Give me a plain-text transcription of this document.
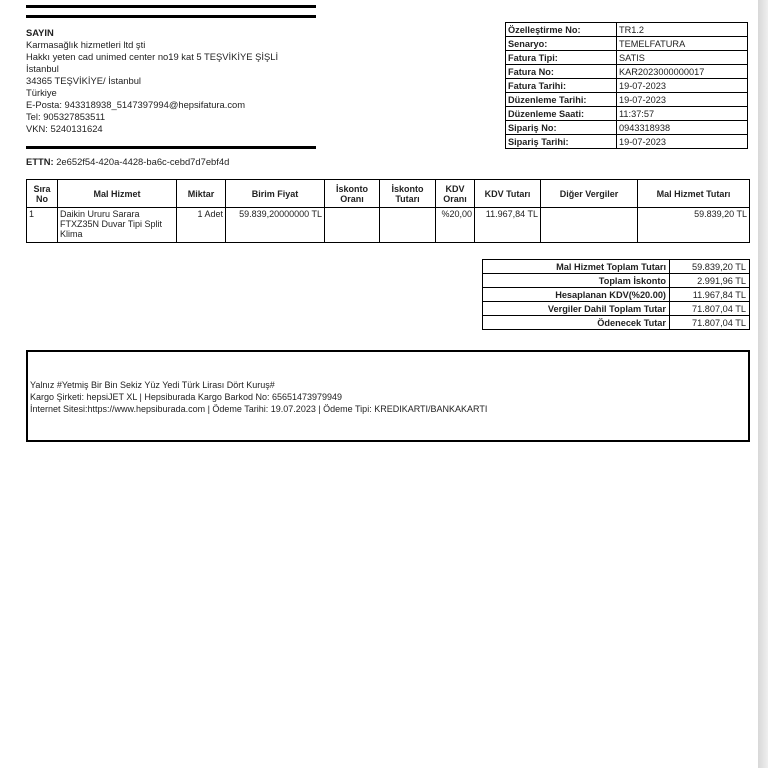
SAYIN
Karmasağlık hizmetleri ltd şti
Hakkı yeten cad unimed center no19 kat 5 TEŞVİKİYE ŞİŞLİ
İstanbul
34365 TEŞVİKİYE/ İstanbul
Türkiye
E-Posta: 943318938_5147397994@hepsifatura.com
Tel: 905327853511
VKN: 5240131624
ETTN: 2e652f54-420a-4428-ba6c-cebd7d7ebf4d
Özelleştirme No:	TR1.2
Senaryo:	TEMELFATURA
Fatura Tipi:	SATIS
Fatura No:	KAR2023000000017
Fatura Tarihi:	19-07-2023
Düzenleme Tarihi:	19-07-2023
Düzenleme Saati:	11:37:57
Sipariş No:	0943318938
Sipariş Tarihi:	19-07-2023
Sıra No	Mal Hizmet	Miktar	Birim Fiyat	İskonto Oranı	İskonto Tutarı	KDV Oranı	KDV Tutarı	Diğer Vergiler	Mal Hizmet Tutarı
1	Daikin Ururu Sarara FTXZ35N Duvar Tipi Split Klima	1 Adet	59.839,20000000 TL			%20,00	11.967,84 TL		59.839,20 TL
Mal Hizmet Toplam Tutarı	59.839,20 TL
Toplam İskonto	2.991,96 TL
Hesaplanan KDV(%20.00)	11.967,84 TL
Vergiler Dahil Toplam Tutar	71.807,04 TL
Ödenecek Tutar	71.807,04 TL
Yalnız #Yetmiş Bir Bin Sekiz Yüz Yedi Türk Lirası Dört Kuruş#
Kargo Şirketi: hepsiJET XL | Hepsiburada Kargo Barkod No: 65651473979949
İnternet Sitesi:https://www.hepsiburada.com | Ödeme Tarihi: 19.07.2023 | Ödeme Tipi: KREDIKARTI/BANKAKARTI
